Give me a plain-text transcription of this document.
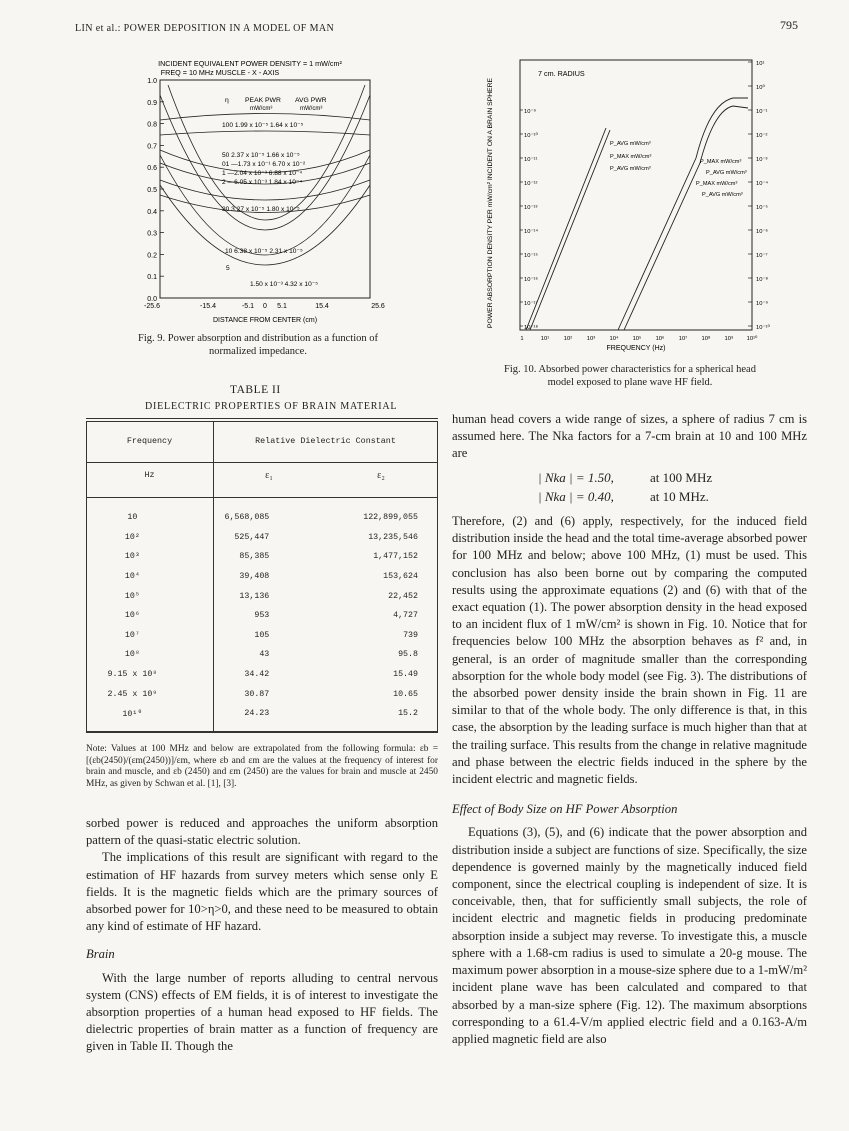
LIN et al.: POWER DEPOSITION IN A MODEL OF MAN	795
INCIDENT EQUIVALENT POWER DENSITY = 1 mW/cm²
FREQ = 10 MHz MUSCLE - X - AXIS
1.0
0.9
0.8
0.7
0.6
0.5
0.4
0.3
0.2
0.1
0.0
-25.6	-15.4	-5.1 0 5.1	15.4	25.6
η PEAK PWR AVG PWR
mW/cm³	mW/cm³
100 1.99 x 10⁻⁵ 1.64 x 10⁻⁵
50 2.37 x 10⁻⁵ 1.66 x 10⁻⁵
01 —1.73 x 10⁻¹ 6.70 x 10⁻²
1 —2.04 x 10⁻³ 6.88 x 10⁻⁴
2 —6.05 x 10⁻³ 1.84 x 10⁻⁴
20 3.27 x 10⁻⁵ 1.80 x 10⁻⁵
10 6.38 x 10⁻⁵ 2.31 x 10⁻⁵
5
1.50 x 10⁻³ 4.32 x 10⁻⁵
DISTANCE FROM CENTER (cm)
Fig. 9. Power absorption and distribution as a function of normalized impedance.
POWER ABSORPTION DENSITY PER mW/cm² INCIDENT ON A BRAIN SPHERE
7 cm. RADIUS
10⁻⁹
10⁻¹⁰
10⁻¹¹
10⁻¹²
10⁻¹³
10⁻¹⁴
10⁻¹⁵
10⁻¹⁶
10⁻¹⁷
10⁻¹⁸
10¹
10⁰
10⁻¹
10⁻²
10⁻³
10⁻⁴
10⁻⁵
10⁻⁶
10⁻⁷
10⁻⁸
10⁻⁹
10⁻¹⁰
1	10¹	10²	10³ 10⁴ 10⁵ 10⁶ 10⁷ 10⁸ 10⁹ 10¹⁰
P_AVG mW/cm³
P_MAX mW/cm³
P_AVG mW/cm³
P_MAX mW/cm³
P_AVG mW/cm³
P_MAX mW/cm³
P_AVG mW/cm³
FREQUENCY (Hz)
Fig. 10. Absorbed power characteristics for a spherical head model exposed to plane wave HF field.
TABLE II
DIELECTRIC PROPERTIES OF BRAIN MATERIAL
Frequency	Relative Dielectric Constant
Hz	ε₁	ε₂
10	6,568,085	122,899,055
10²	525,447	13,235,546
10³	85,385	1,477,152
10⁴	39,408	153,624
10⁵	13,136	22,452
10⁶	953	4,727
10⁷	105	739
10⁸	43	95.8
9.15 x 10⁸	34.42	15.49
2.45 x 10⁹	30.87	10.65
10¹⁰	24.23	15.2
Note: Values at 100 MHz and below are extrapolated from the following formula: εb = [(εb(2450)/(εm(2450))]/εm, where εb and εm are the values at the frequency of interest for brain and muscle, and εb (2450) and εm (2450) are the values for brain and muscle at 2450 MHz, as given by Schwan et al. [1], [3].

sorbed power is reduced and approaches the uniform absorption pattern of the quasi-static electric solution.

The implications of this result are significant with regard to the estimation of HF hazards from survey meters which sense only E fields. It is the magnetic fields which are the primary sources of absorbed power for 10>η>0, and these need to be measured to obtain any kind of estimate of HF hazard.

Brain

With the large number of reports alluding to central nervous system (CNS) effects of EM fields, it is of interest to investigate the absorption properties of a human head exposed to HF fields. The dielectric properties of brain matter as a function of frequency are given in Table II. Though the

human head covers a wide range of sizes, a sphere of radius 7 cm is assumed here. The Nka factors for a 7-cm brain at 10 and 100 MHz are

| Nka | = 1.50,	at 100 MHz
| Nka | = 0.40,	at 10 MHz.

Therefore, (2) and (6) apply, respectively, for the induced field distribution inside the head and the total time-average absorbed power for 100 MHz and below; above 100 MHz, (1) must be used. This conclusion has also been borne out by comparing the computed results using the approximate equations (2) and (6) with that of the exact equation (1). The power absorption density in the head exposed to an incident flux of 1 mW/cm² is shown in Fig. 10. Notice that for frequencies below 100 MHz the absorption behaves as f² and, in general, is an order of magnitude smaller than the corresponding absorption for the whole body model (see Fig. 3). The distributions of the absorbed power density inside the brain shown in Fig. 11 are similar to that of the whole body. The only difference is that, in this case, the absorption by the leading surface is much higher than that at the trailing surface. This results from the change in relative magnitude and phase between the electric fields induced in the sphere by the incident electric and magnetic fields.

Effect of Body Size on HF Power Absorption

Equations (3), (5), and (6) indicate that the power absorption and distribution inside a subject are functions of size. Specifically, the size dependence is governed mainly by the magnetically induced field component, since the electrical coupling is independent of size. It is conceivable, then, that for sufficiently small subjects, the role of incident electric and magnetic fields in producing predominate absorption inside a subject may reverse. To investigate this, a muscle sphere with a 1.68-cm radius is used to simulate a 20-g mouse. The maximum power absorption in a mouse-size sphere due to a 1-mW/m² incident plane wave has been calculated and compared to that absorbed by a man-size sphere (Fig. 12). The maximum absorptions corresponding to a 61.4-V/m applied electric field and a 0.163-A/m applied magnetic field are also
